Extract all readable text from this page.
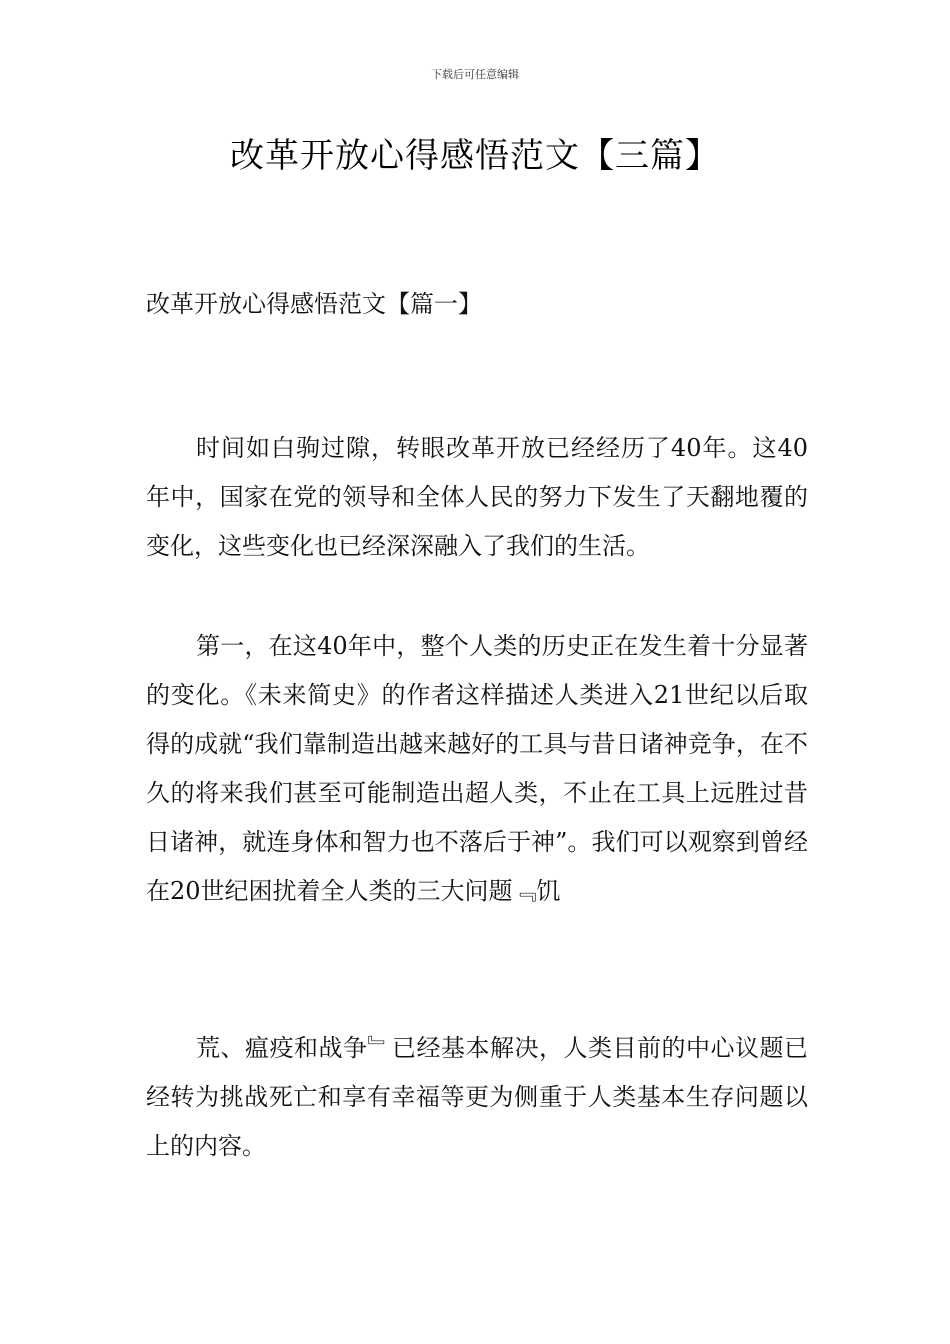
下载后可任意编辑
改革开放心得感悟范文【三篇】
改革开放心得感悟范文【篇一】

时间如白驹过隙，转眼改革开放已经经历了40年。这40年中，国家在党的领导和全体人民的努力下发生了天翻地覆的变化，这些变化也已经深深融入了我们的生活。

第一，在这40年中，整个人类的历史正在发生着十分显著的变化。《未来简史》的作者这样描述人类进入21世纪以后取得的成就“我们靠制造出越来越好的工具与昔日诸神竞争，在不久的将来我们甚至可能制造出超人类，不止在工具上远胜过昔日诸神，就连身体和智力也不落后于神”。我们可以观察到曾经在20世纪困扰着全人类的三大问题﹃饥

荒、瘟疫和战争﹄已经基本解决，人类目前的中心议题已经转为挑战死亡和享有幸福等更为侧重于人类基本生存问题以上的内容。
